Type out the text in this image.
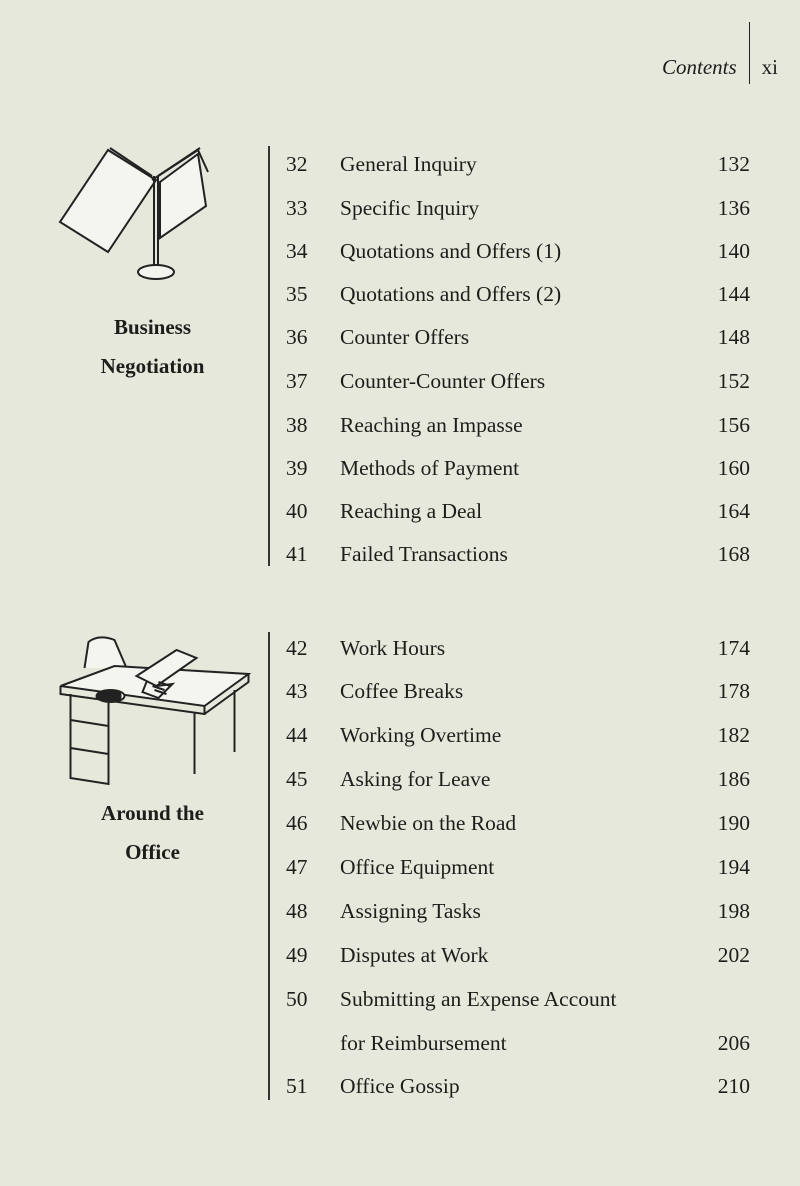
Contents xi
Business
Negotiation
32	General Inquiry	132
33	Specific Inquiry	136
34	Quotations and Offers (1)	140
35	Quotations and Offers (2)	144
36	Counter Offers	148
37	Counter-Counter Offers	152
38	Reaching an Impasse	156
39	Methods of Payment	160
40	Reaching a Deal	164
41	Failed Transactions	168
Around the
Office
42	Work Hours	174
43	Coffee Breaks	178
44	Working Overtime	182
45	Asking for Leave	186
46	Newbie on the Road	190
47	Office Equipment	194
48	Assigning Tasks	198
49	Disputes at Work	202
50	Submitting an Expense Account
for Reimbursement	206
51	Office Gossip	210
